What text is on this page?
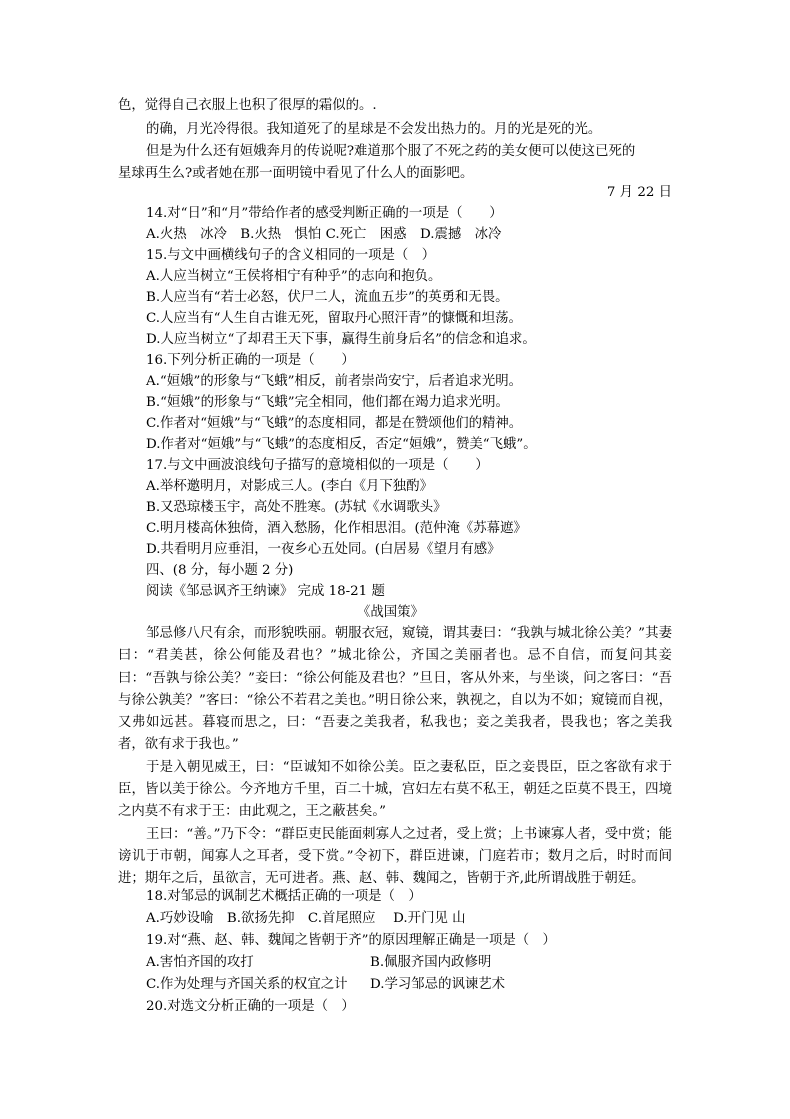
色，觉得自己衣服上也积了很厚的霜似的。.
的确，月光冷得很。我知道死了的星球是不会发出热力的。月的光是死的光。
但是为什么还有姮娥奔月的传说呢?难道那个服了不死之药的美女便可以使这已死的
星球再生么?或者她在那一面明镜中看见了什么人的面影吧。
7 月 22 日
14.对“日”和“月”带给作者的感受判断正确的一项是（　　）
A.火热　冰冷　B.火热　惧怕 C.死亡　困惑　D.震撼　冰冷
15.与文中画横线句子的含义相同的一项是（　）
A.人应当树立“王侯将相宁有种乎”的志向和抱负。
B.人应当有“若士必怒，伏尸二人，流血五步”的英勇和无畏。
C.人应当有“人生自古谁无死，留取丹心照汗青”的慷慨和坦荡。
D.人应当树立“了却君王天下事，赢得生前身后名”的信念和追求。
16.下列分析正确的一项是（　　）
A.“姮娥”的形象与“飞蛾”相反，前者崇尚安宁，后者追求光明。
B.“姮娥”的形象与“飞蛾”完全相同，他们都在竭力追求光明。
C.作者对“姮娥”与“飞蛾”的态度相同，都是在赞颂他们的精神。
D.作者对“姮娥”与“飞蛾”的态度相反，否定“姮娥”，赞美“飞蛾”。
17.与文中画波浪线句子描写的意境相似的一项是（　　）
A.举杯邀明月，对影成三人。(李白《月下独酌》
B.又恐琼楼玉宇，高处不胜寒。(苏轼《水调歌头》
C.明月楼高休独倚，酒入愁肠，化作相思泪。(范仲淹《苏幕遮》
D.共看明月应垂泪，一夜乡心五处同。(白居易《望月有感》
四、(8 分，每小题 2 分)
阅读《邹忌讽齐王纳谏》 完成 18-21 题
《战国策》

邹忌修八尺有余，而形貌昳丽。朝服衣冠，窥镜，谓其妻曰：“我孰与城北徐公美？”其妻曰：“君美甚，徐公何能及君也？”城北徐公，齐国之美丽者也。忌不自信，而复问其妾曰：“吾孰与徐公美？”妾曰：“徐公何能及君也？”旦日，客从外来，与坐谈，问之客曰：“吾与徐公孰美？”客曰：“徐公不若君之美也。”明日徐公来，孰视之，自以为不如；窥镜而自视，又弗如远甚。暮寝而思之，曰：“吾妻之美我者，私我也；妾之美我者，畏我也；客之美我者，欲有求于我也。”

于是入朝见威王，曰：“臣诚知不如徐公美。臣之妻私臣，臣之妾畏臣，臣之客欲有求于臣，皆以美于徐公。今齐地方千里，百二十城，宫妇左右莫不私王，朝廷之臣莫不畏王，四境之内莫不有求于王：由此观之，王之蔽甚矣。”

王曰：“善。”乃下令：“群臣吏民能面刺寡人之过者，受上赏；上书谏寡人者，受中赏；能谤讥于市朝，闻寡人之耳者，受下赏。”令初下，群臣进谏，门庭若市；数月之后，时时而间进；期年之后，虽欲言，无可进者。燕、赵、韩、魏闻之，皆朝于齐,此所谓战胜于朝廷。

18.对邹忌的讽制艺术概括正确的一项是（　）
A.巧妙设喻　B.欲扬先抑　C.首尾照应　 D.开门见 山
19.对“燕、赵、韩、魏闻之皆朝于齐”的原因理解正确是一项是（　）
A.害怕齐国的攻打	B.佩服齐国内政修明
C.作为处理与齐国关系的权宜之计 D.学习邹忌的讽谏艺术
20.对选文分析正确的一项是（　）
